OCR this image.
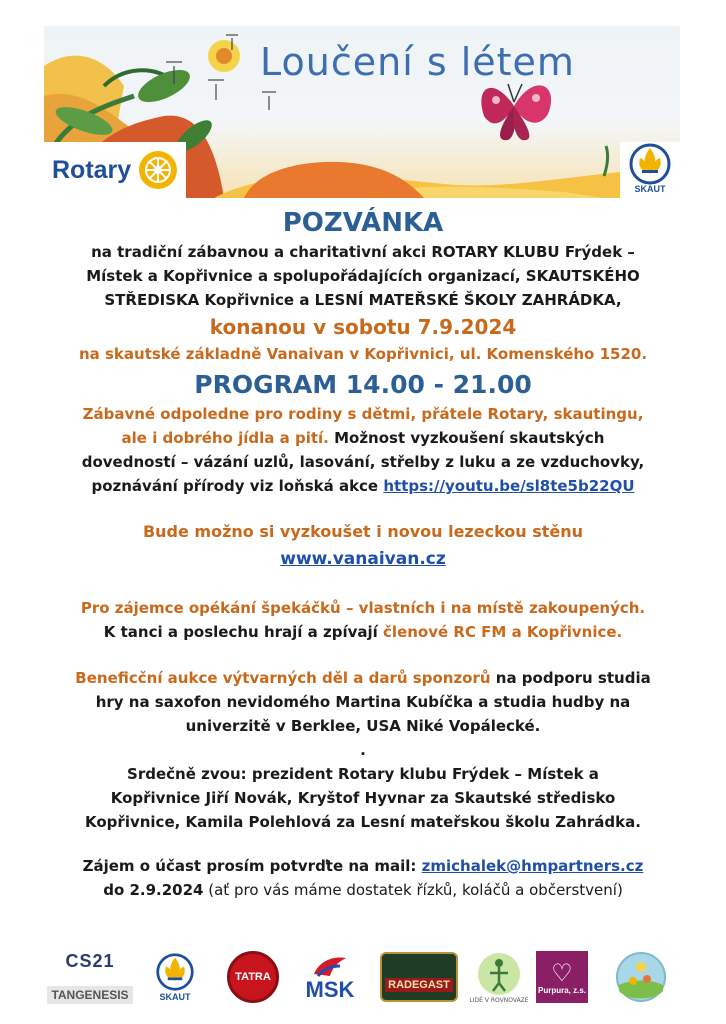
Loučení s létem
Rotary
SKAUT

POZVÁNKA

na tradiční zábavnou a charitativní akci ROTARY KLUBU Frýdek –

Místek a Kopřivnice a spolupořádajících organizací, SKAUTSKÉHO

STŘEDISKA Kopřivnice a LESNÍ MATEŘSKÉ ŠKOLY ZAHRÁDKA,

konanou v sobotu 7.9.2024

na skautské základně Vanaivan v Kopřivnici, ul. Komenského 1520.

PROGRAM 14.00 - 21.00

Zábavné odpoledne pro rodiny s dětmi, přátele Rotary, skautingu,

ale i dobrého jídla a pití. Možnost vyzkoušení skautských

dovedností – vázání uzlů, lasování, střelby z luku a ze vzduchovky,

poznávání přírody viz loňská akce https://youtu.be/sl8te5b22QU

Bude možno si vyzkoušet i novou lezeckou stěnu

www.vanaivan.cz

Pro zájemce opékání špekáčků – vlastních i na místě zakoupených.

K tanci a poslechu hrají a zpívají členové RC FM a Kopřivnice.

Beneficční aukce výtvarných děl a darů sponzorů na podporu studia

hry na saxofon nevidomého Martina Kubíčka a studia hudby na

univerzitě v Berklee, USA Niké Vopálecké.

.

Srdečně zvou: prezident Rotary klubu Frýdek – Místek a

Kopřivnice Jiří Novák, Kryštof Hyvnar za Skautské středisko

Kopřivnice, Kamila Polehlová za Lesní mateřskou školu Zahrádka.

Zájem o účast prosím potvrďte na mail: zmichalek@hmpartners.cz

do 2.9.2024 (ať pro vás máme dostatek řízků, koláčů a občerstvení)

CS21
TANGENESIS	SKAUT
TATRA MSK	RADEGAST
LIDÉ V ROVNOVÁZE
♡
Purpura, z.s.
